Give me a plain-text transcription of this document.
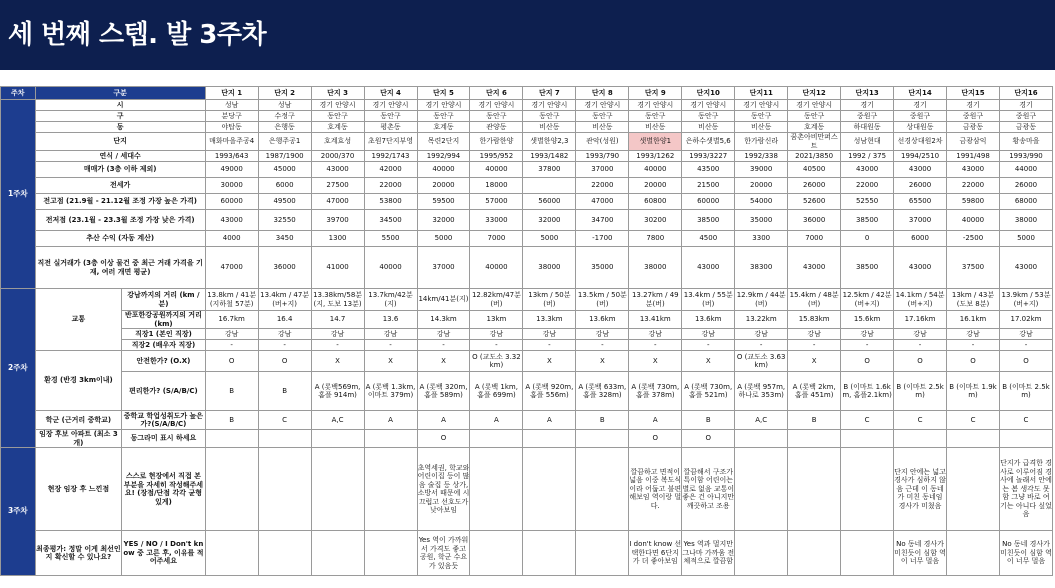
세 번째 스텝. 발 3주차
주차	구분		단지 1	단지 2	단지 3	단지 4	단지 5	단지 6	단지 7	단지 8	단지 9	단지10	단지11	단지12	단지13	단지14	단지15	단지16
1주차	시		성남	성남	경기 안양시	경기 안양시	경기 안양시	경기 안양시	경기 안양시	경기 안양시	경기 안양시	경기 안양시	경기 안양시	경기 안양시	경기	경기	경기	경기
	구		분당구	수정구	동안구	동안구	동안구	동안구	동안구	동안구	동안구	동안구	동안구	동안구	중원구	중원구	중원구	중원구
	동		야탑동	은행동	호계동	평촌동	호계동	관양동	비산동	비산동	비산동	비산동	비산동	호계동	하대원동	상대원동	금광동	금광동
	단지		매화마을주공4	은행주공1	호계효성	초원7단지부영	목련2단지	한가람한양	샛별한양2,3	관악(성원)	샛별한양1	은하수샛별5,6	한가람신라	꿈촌아비만퍼스트	성남현대	선경상대원2차	금광삼익	황송마을
	연식 / 세대수		1993/643	1987/1900	2000/370	1992/1743	1992/994	1995/952	1993/1482	1993/790	1993/1262	1993/3227	1992/338	2021/3850	1992 / 375	1994/2510	1991/498	1993/990
	매매가 (3층 이하 제외)		49000	45000	43000	42000	40000	40000	37800	37000	40000	43500	39000	40500	43000	43000	43000	44000
	전세가		30000	6000	27500	22000	20000	18000		22000	20000	21500	20000	26000	22000	26000	22000	26000
	전고점 (21.9월 - 21.12월 조정 가장 높은 가격)		60000	49500	47000	53800	59500	57000	56000	47000	60800	60000	54000	52600	52550	65500	59800	68000
	전저점 (23.1월 - 23.3월 조정 가장 낮은 가격)		43000	32550	39700	34500	32000	33000	32000	34700	30200	38500	35000	36000	38500	37000	40000	38000
	추산 수익 (자동 계산)		4000	3450	1300	5500	5000	7000	5000	-1700	7800	4500	3300	7000	0	6000	-2500	5000
	직전 실거래가 (3층 이상 물건 중 최근 거래 가격을 기재, 여러 개면 평균)		47000	36000	41000	40000	37000	40000	38000	35000	38000	43000	38300	43000	38500	43000	37500	43000
2주차	교통	강남까지의 거리 (km / 분)	13.8km / 41분 (지하철 57분)	13.4km / 47분(버+지)	13.38km/58분 (지, 도보 13분)	13.7km/42분(지)	14km/41분(지)	12.82km/47분 (버)	13km / 50분(버)	13.5km / 50분(버)	13.27km / 49분(버)	13.4km / 55분(버)	12.9km / 44분(버)	15.4km / 48분(버)	12.5km / 42분(버+지)	14.1km / 54분(버+지)	13km / 43분 (도보 8분)	13.9km / 53분(버+지)
		반포한강공원까지의 거리 (km)	16.7km	16.4	14.7	13.6	14.3km	13km	13.3km	13.6km	13.41km	13.6km	13.22km	15.83km	15.6km	17.16km	16.1km	17.02km
		직장1 (본인 직장)	강남	강남	강남	강남	강남	강남	강남	강남	강남	강남	강남	강남	강남	강남	강남	강남
		직장2 (배우자 직장)	-	-	-	-	-	-	-	-	-	-	-	-	-	-	-	-
	환경 (반경 3km이내)	안전한가? (O.X)	O	O	X	X	X	O (교도소 3.32km)	X	X	X	X	O (교도소 3.63km)	X	O	O	O	O
		편리한가? (S/A/B/C)	B	B	A (롯백569m, 홈플 914m)	A (롯백 1.3km, 이마트 379m)	A (롯백 320m, 홈플 589m)	A (롯백 1km, 홈플 699m)	A (롯백 920m, 홈플 556m)	A (롯백 633m, 홈플 328m)	A (롯백 730m, 홈플 378m)	A (롯백 730m, 홈플 521m)	A (롯백 957m, 하나로 353m)	A (롯백 2km, 홈플 451m)	B (이마트 1.6km, 홈플2.1km)	B (이마트 2.5km)	B (이마트 1.9km)	B (이마트 2.5km)
	학군 (근거리 중학교)	중학교 학업성취도가 높은가?(S/A/B/C)	B	C	A,C	A	A	A	A	B	A	B	A,C	B	C	C	C	C
	임장 후보 아파트 (최소 3개)	동그라미 표시 하세요					O				O	O						
3주차	현장 임장 후 느낀점	스스로 현장에서 직접 본 부분을 자세히 작성해주세요! (장점/단점 각각 균형있게)					초역세권, 학교와 어린이집 등이 많음 술집 등 상가, 소방서 때문에 시끄럽고 선호도가 낮아보임				깔끔하고 면적이 넓음 이중 복도식이라 어둡고 불편해보임 역이랑 멀다.	깔끔해서 구조가 특이함 어린이는 별로 없음 교통이 좋은 건 아니지만 깨끗하고 조용				단지 안에는 넓고 경사가 심하지 않음 근데 이 동네가 미친 동네임 경사가 미쳤음		단지가 급격한 경사로 이루어짐 경사에 놀래서 안에는 봄 생각도 못함 그냥 바로 여기는 아니다 싶었음
	최종평가: 정말 이게 최선인지 확신할 수 있나요?	YES / NO / I Don't know 중 고른 후, 이유를 적어주세요					Yes 역이 가까워서 가격도 좋고 공원, 학군 수요가 있음듯				I don't know 선택한다면 6단지가 더 좋아보임	Yes 역과 멀지만 그나마 가까움 전체적으로 깔끔함				No 동네 경사가 미친듯이 심함 역이 너무 멀음		No 동네 경사가 미친듯이 심함 역이 너무 멀음
